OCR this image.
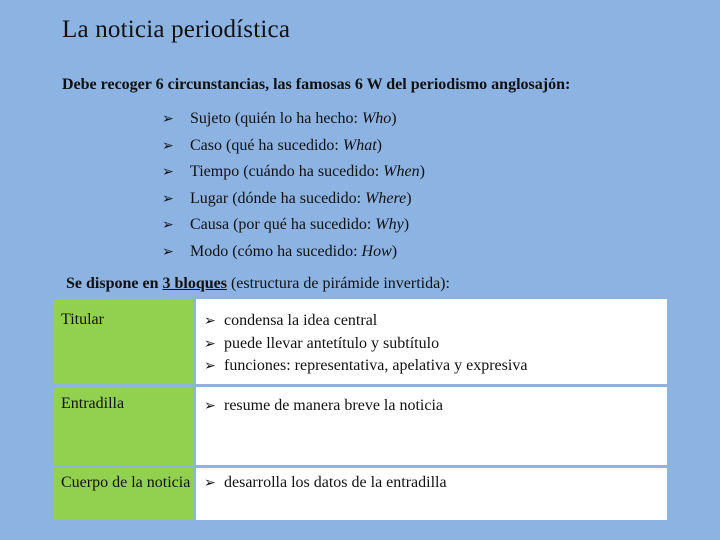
La noticia periodística
Debe recoger 6 circunstancias, las famosas 6 W del periodismo anglosajón:
➢ Sujeto (quién lo ha hecho: Who)
➢ Caso (qué ha sucedido: What)
➢ Tiempo (cuándo ha sucedido: When)
➢ Lugar (dónde ha sucedido: Where)
➢ Causa (por qué ha sucedido: Why)
➢ Modo (cómo ha sucedido: How)
Se dispone en 3 bloques (estructura de pirámide invertida):
Titular	➢ condensa la idea central
➢ puede llevar antetítulo y subtítulo
➢ funciones: representativa, apelativa y expresiva
Entradilla	➢ resume de manera breve la noticia
Cuerpo de la noticia ➢ desarrolla los datos de la entradilla
